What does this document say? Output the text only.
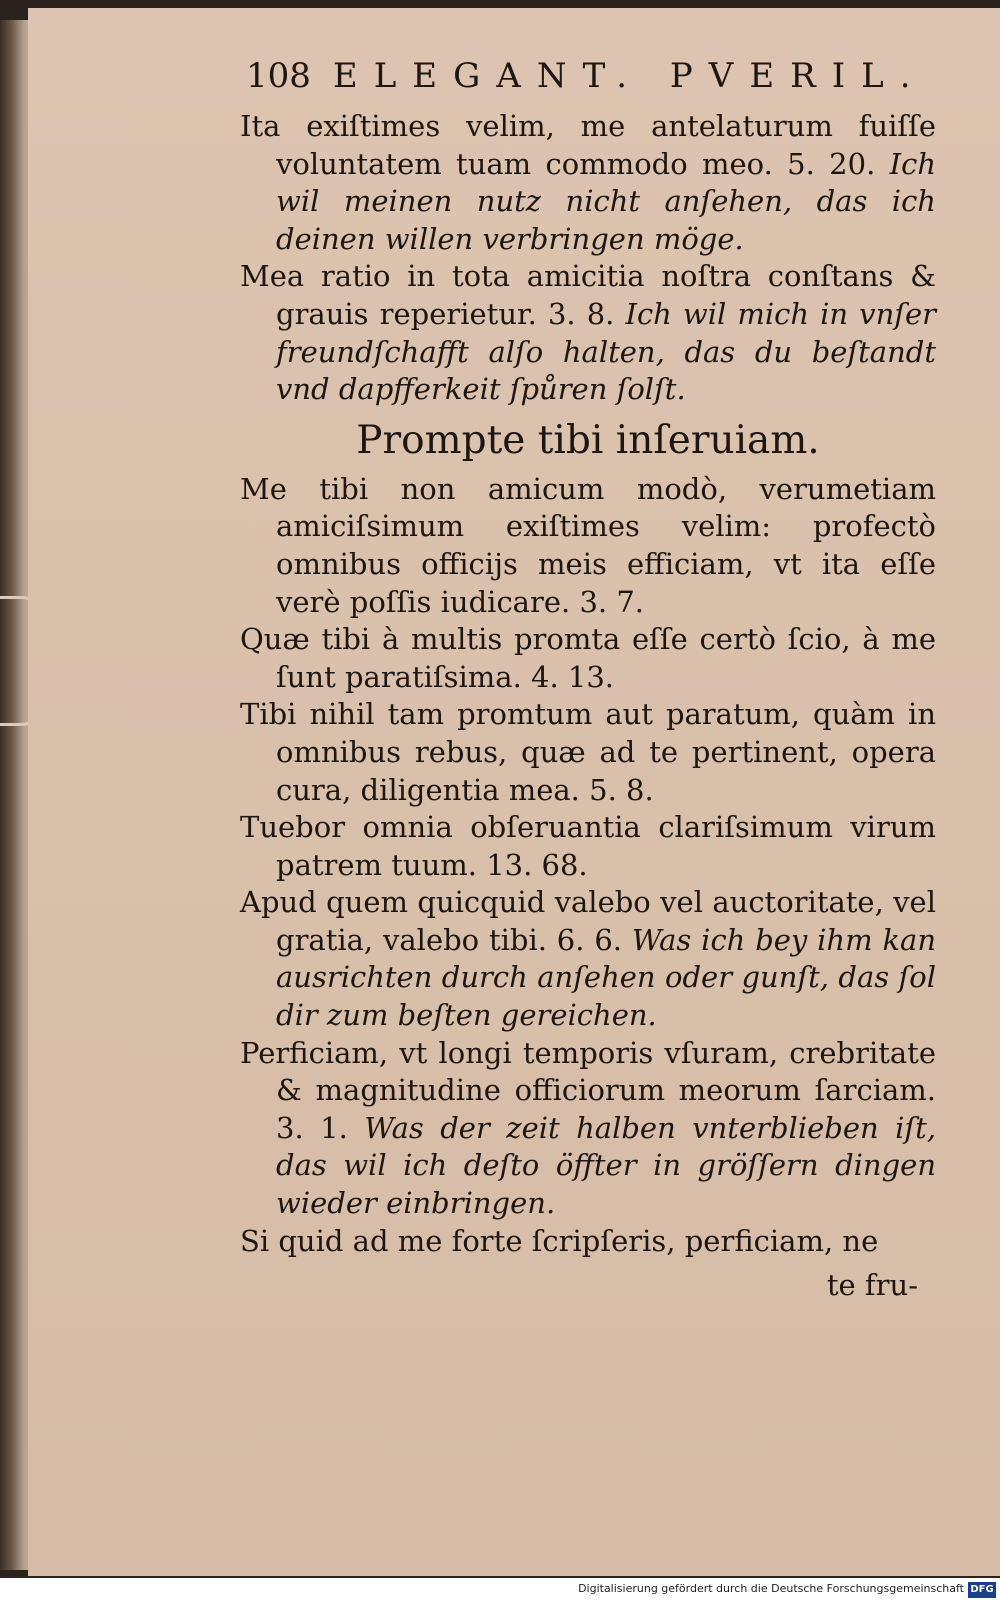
108 ELEGANT. PVERIL.

Ita exiſtimes velim, me antelaturum fuiſſe voluntatem tuam commodo meo. 5. 20. Ich wil meinen nutz nicht anſehen, das ich deinen willen verbringen möge.

Mea ratio in tota amicitia noſtra conſtans & grauis reperietur. 3. 8. Ich wil mich in vnſer freundſchafft alſo halten, das du beſtandt vnd dapfferkeit ſpůren ſolſt.

Prompte tibi inſeruiam.

Me tibi non amicum modò, verumetiam amiciſsimum exiſtimes velim: profectò omnibus officijs meis efficiam, vt ita eſſe verè poſſis iudicare. 3. 7.

Quæ tibi à multis promta eſſe certò ſcio, à me ſunt paratiſsima. 4. 13.

Tibi nihil tam promtum aut paratum, quàm in omnibus rebus, quæ ad te pertinent, opera cura, diligentia mea. 5. 8.

Tuebor omnia obſeruantia clariſsimum virum patrem tuum. 13. 68.

Apud quem quicquid valebo vel auctoritate, vel gratia, valebo tibi. 6. 6. Was ich bey ihm kan ausrichten durch anſehen oder gunſt, das ſol dir zum beſten gereichen.

Perficiam, vt longi temporis vſuram, crebritate & magnitudine officiorum meorum ſarciam. 3. 1. Was der zeit halben vnterblieben iſt, das wil ich deſto öffter in gröſſern dingen wieder einbringen.

Si quid ad me forte ſcripſeris, perficiam, ne

te fru-
Digitalisierung gefördert durch die Deutsche Forschungsgemeinschaft DFG
